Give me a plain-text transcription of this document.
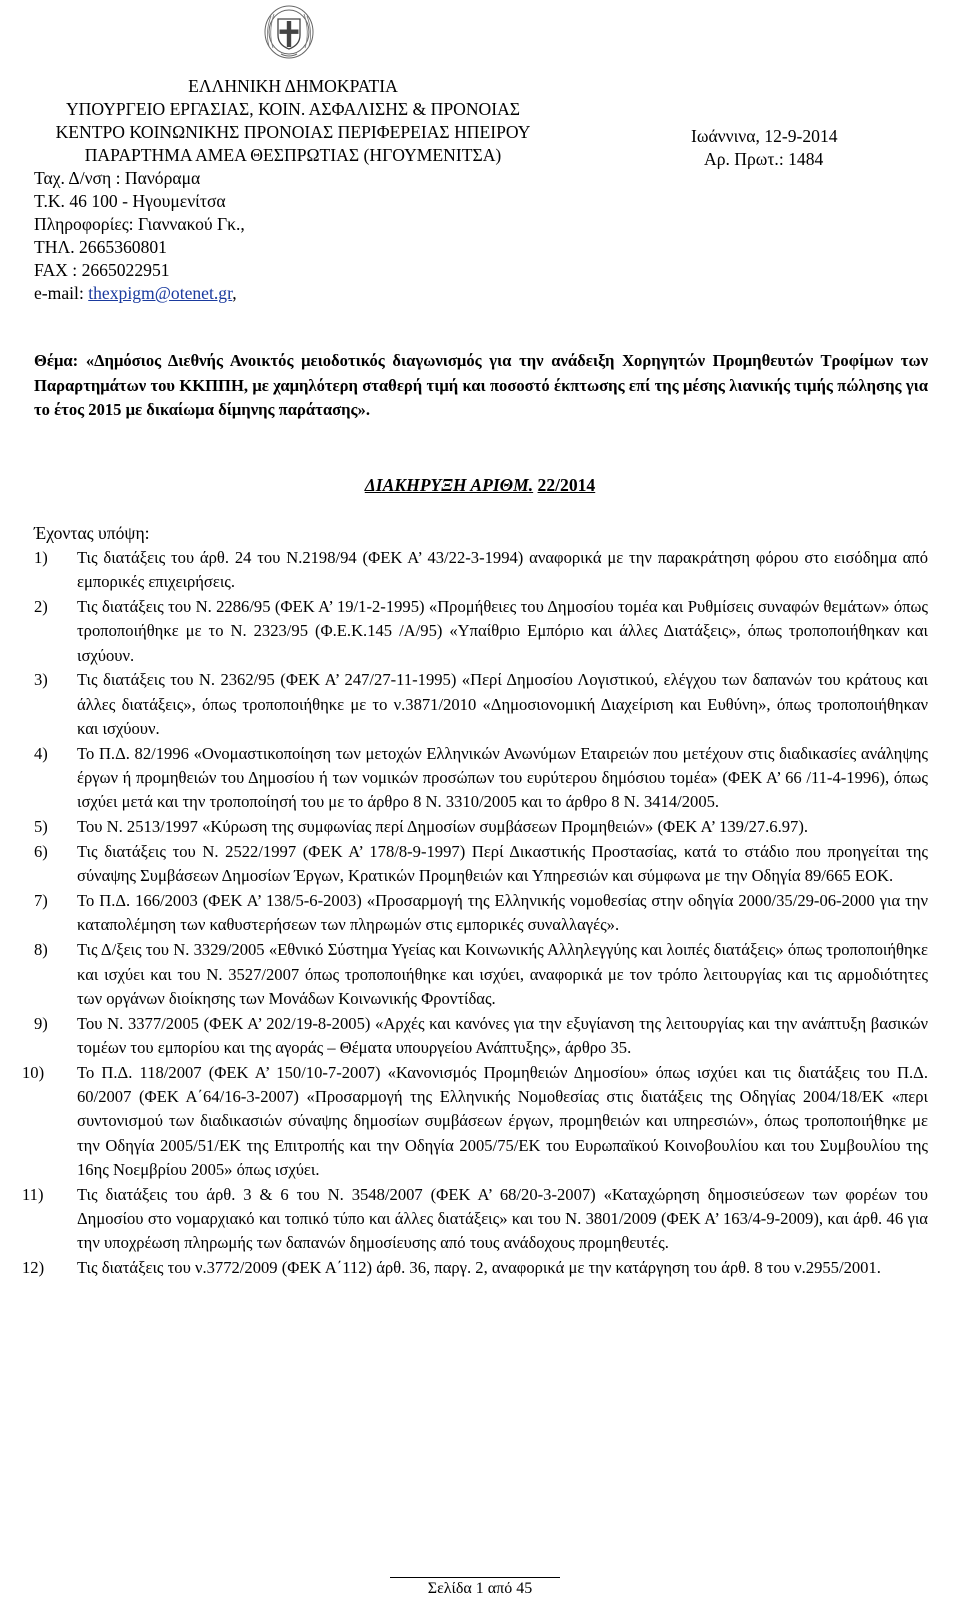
ΕΛΛΗΝΙΚΗ ΔΗΜΟΚΡΑΤΙΑ
ΥΠΟΥΡΓΕΙΟ ΕΡΓΑΣΙΑΣ, ΚΟΙΝ. ΑΣΦΑΛΙΣΗΣ & ΠΡΟΝΟΙΑΣ
ΚΕΝΤΡΟ ΚΟΙΝΩΝΙΚΗΣ ΠΡΟΝΟΙΑΣ ΠΕΡΙΦΕΡΕΙΑΣ ΗΠΕΙΡΟΥ
ΠΑΡΑΡΤΗΜΑ ΑΜΕΑ ΘΕΣΠΡΩΤΙΑΣ (ΗΓΟΥΜΕΝΙΤΣΑ)
Ιωάννινα, 12-9-2014
Αρ. Πρωτ.: 1484
Ταχ. Δ/νση : Πανόραμα
Τ.Κ. 46 100 - Ηγουμενίτσα
Πληροφορίες: Γιαννακού Γκ.,
ΤΗΛ. 2665360801
FAX : 2665022951
e-mail: thexpigm@otenet.gr,
Θέμα: «Δημόσιος Διεθνής Ανοικτός μειοδοτικός διαγωνισμός για την ανάδειξη Χορηγητών Προμηθευτών Τροφίμων των Παραρτημάτων του ΚΚΠΠΗ, με χαμηλότερη σταθερή τιμή και ποσοστό έκπτωσης επί της μέσης λιανικής τιμής πώλησης για το έτος 2015 με δικαίωμα δίμηνης παράτασης».
ΔΙΑΚΗΡΥΞΗ ΑΡΙΘΜ. 22/2014
Έχοντας υπόψη:
1) Τις διατάξεις του άρθ. 24 του Ν.2198/94 (ΦΕΚ Α’ 43/22-3-1994) αναφορικά με την παρακράτηση φόρου στο εισόδημα από εμπορικές επιχειρήσεις.
2) Τις διατάξεις του Ν. 2286/95 (ΦΕΚ Α’ 19/1-2-1995) «Προμήθειες του Δημοσίου τομέα και Ρυθμίσεις συναφών θεμάτων» όπως τροποποιήθηκε με το Ν. 2323/95 (Φ.Ε.Κ.145 /Α/95) «Υπαίθριο Εμπόριο και άλλες Διατάξεις», όπως τροποποιήθηκαν και ισχύουν.
3) Τις διατάξεις του Ν. 2362/95 (ΦΕΚ Α’ 247/27-11-1995) «Περί Δημοσίου Λογιστικού, ελέγχου των δαπανών του κράτους και άλλες διατάξεις», όπως τροποποιήθηκε με το ν.3871/2010 «Δημοσιονομική Διαχείριση και Ευθύνη», όπως τροποποιήθηκαν και ισχύουν.
4) Το Π.Δ. 82/1996 «Ονομαστικοποίηση των μετοχών Ελληνικών Ανωνύμων Εταιρειών που μετέχουν στις διαδικασίες ανάληψης έργων ή προμηθειών του Δημοσίου ή των νομικών προσώπων του ευρύτερου δημόσιου τομέα» (ΦΕΚ Α’ 66 /11-4-1996), όπως ισχύει μετά και την τροποποίησή του με το άρθρο 8 Ν. 3310/2005 και το άρθρο 8 Ν. 3414/2005.
5) Του Ν. 2513/1997 «Κύρωση της συμφωνίας περί Δημοσίων συμβάσεων Προμηθειών» (ΦΕΚ Α’ 139/27.6.97).
6) Τις διατάξεις του Ν. 2522/1997 (ΦΕΚ Α’ 178/8-9-1997) Περί Δικαστικής Προστασίας, κατά το στάδιο που προηγείται της σύναψης Συμβάσεων Δημοσίων Έργων, Κρατικών Προμηθειών και Υπηρεσιών και σύμφωνα με την Οδηγία 89/665 ΕΟΚ.
7) Το Π.Δ. 166/2003 (ΦΕΚ Α’ 138/5-6-2003) «Προσαρμογή της Ελληνικής νομοθεσίας στην οδηγία 2000/35/29-06-2000 για την καταπολέμηση των καθυστερήσεων των πληρωμών στις εμπορικές συναλλαγές».
8) Τις Δ/ξεις του Ν. 3329/2005 «Εθνικό Σύστημα Υγείας και Κοινωνικής Αλληλεγγύης και λοιπές διατάξεις» όπως τροποποιήθηκε και ισχύει και του Ν. 3527/2007 όπως τροποποιήθηκε και ισχύει, αναφορικά με τον τρόπο λειτουργίας και τις αρμοδιότητες των οργάνων διοίκησης των Μονάδων Κοινωνικής Φροντίδας.
9) Του Ν. 3377/2005 (ΦΕΚ Α’ 202/19-8-2005) «Αρχές και κανόνες για την εξυγίανση της λειτουργίας και την ανάπτυξη βασικών τομέων του εμπορίου και της αγοράς – Θέματα υπουργείου Ανάπτυξης», άρθρο 35.
10) Το Π.Δ. 118/2007 (ΦΕΚ Α’ 150/10-7-2007) «Κανονισμός Προμηθειών Δημοσίου» όπως ισχύει και τις διατάξεις του Π.Δ. 60/2007 (ΦΕΚ Α΄64/16-3-2007) «Προσαρμογή της Ελληνικής Νομοθεσίας στις διατάξεις της Οδηγίας 2004/18/ΕΚ «περι συντονισμού των διαδικασιών σύναψης δημοσίων συμβάσεων έργων, προμηθειών και υπηρεσιών», όπως τροποποιήθηκε με την Οδηγία 2005/51/ΕΚ της Επιτροπής και την Οδηγία 2005/75/ΕΚ του Ευρωπαϊκού Κοινοβουλίου και του Συμβουλίου της 16ης Νοεμβρίου 2005» όπως ισχύει.
11) Τις διατάξεις του άρθ. 3 & 6 του Ν. 3548/2007 (ΦΕΚ Α’ 68/20-3-2007) «Καταχώρηση δημοσιεύσεων των φορέων του Δημοσίου στο νομαρχιακό και τοπικό τύπο και άλλες διατάξεις» και του Ν. 3801/2009 (ΦΕΚ Α’ 163/4-9-2009), και άρθ. 46 για την υποχρέωση πληρωμής των δαπανών δημοσίευσης από τους ανάδοχους προμηθευτές.
12) Τις διατάξεις του ν.3772/2009 (ΦΕΚ Α΄112) άρθ. 36, παργ. 2, αναφορικά με την κατάργηση του άρθ. 8 του ν.2955/2001.
Σελίδα 1 από 45
